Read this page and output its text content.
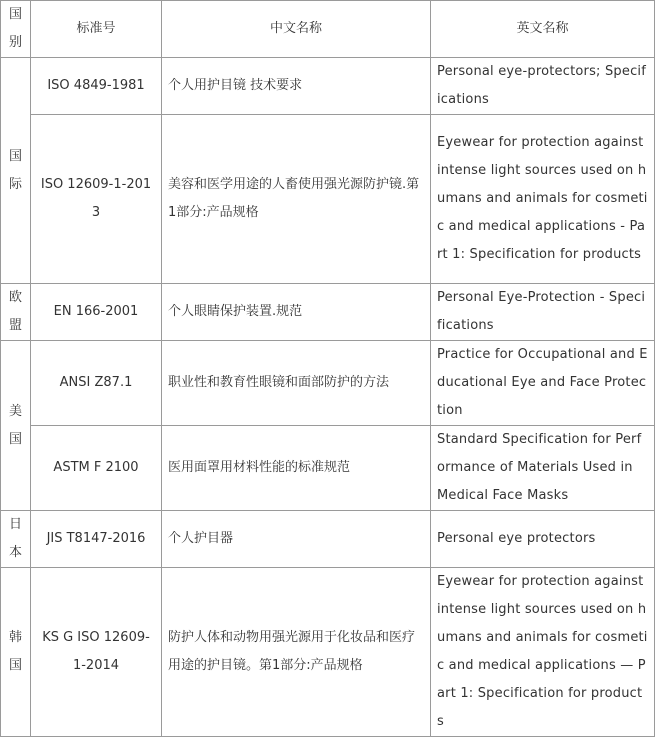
国别	标准号	中文名称	英文名称
国际	ISO 4849-1981	个人用护目镜 技术要求	Personal eye-protectors; Specifications
	ISO 12609-1-2013	美容和医学用途的人畜使用强光源防护镜.第1部分:产品规格	Eyewear for protection against intense light sources used on humans and animals for cosmetic and medical applications - Part 1: Specification for products
欧盟	EN 166-2001	个人眼睛保护装置.规范	Personal Eye-Protection - Specifications
美国	ANSI Z87.1	职业性和教育性眼镜和面部防护的方法	Practice for Occupational and Educational Eye and Face Protection
	ASTM F 2100	医用面罩用材料性能的标准规范	Standard Specification for Performance of Materials Used in Medical Face Masks
日本	JIS T8147-2016	个人护目器	Personal eye protectors
韩国	KS G ISO 12609-1-2014	防护人体和动物用强光源用于化妆品和医疗用途的护目镜。第1部分:产品规格	Eyewear for protection against intense light sources used on humans and animals for cosmetic and medical applications — Part 1: Specification for products
